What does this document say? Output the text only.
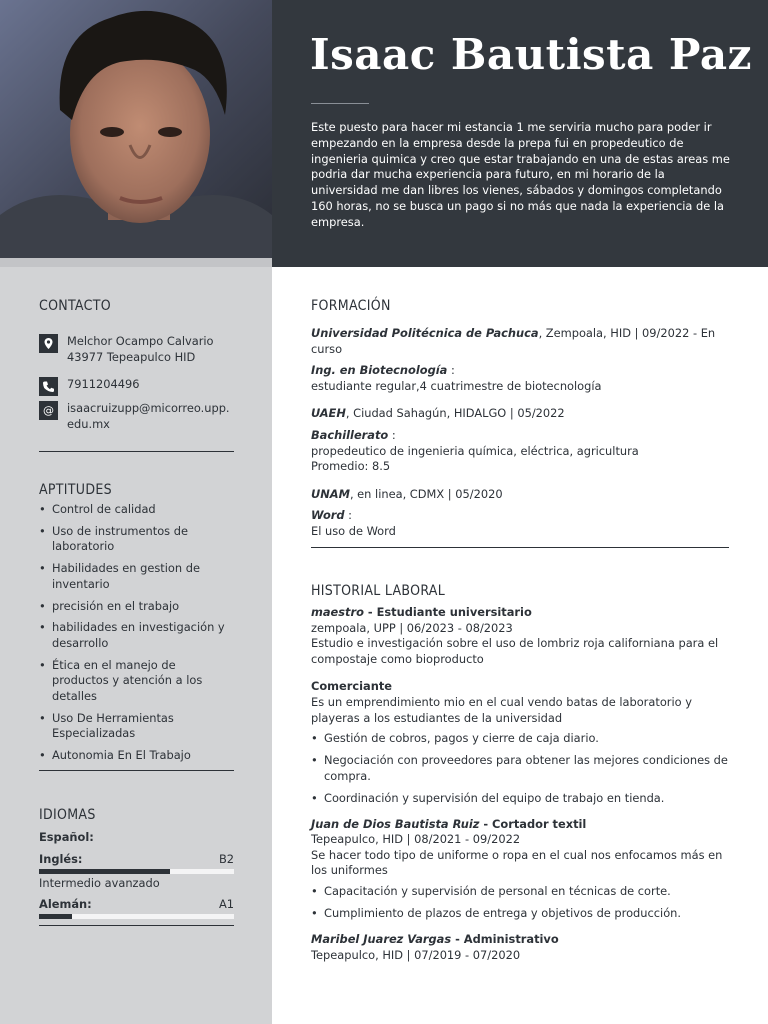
Isaac Bautista Paz
Este puesto para hacer mi estancia 1 me serviria mucho para poder ir empezando en la empresa desde la prepa fui en propedeutico de ingenieria quimica y creo que estar trabajando en una de estas areas me podria dar mucha experiencia para futuro, en mi horario de la universidad me dan libres los vienes, sábados y domingos completando 160 horas, no se busca un pago si no más que nada la experiencia de la empresa.
CONTACTO
Melchor Ocampo Calvario
43977 Tepeapulco HID
7911204496
@	isaacruizupp@micorreo.upp.
edu.mx
APTITUDES
• Control de calidad
• Uso de instrumentos de laboratorio
• Habilidades en gestion de inventario
• precisión en el trabajo
• habilidades en investigación y desarrollo
• Ética en el manejo de productos y atención a los detalles
• Uso De Herramientas Especializadas
• Autonomia En El Trabajo
IDIOMAS
Español:
Inglés:	B2
Intermedio avanzado
Alemán:	A1
FORMACIÓN
Universidad Politécnica de Pachuca, Zempoala, HID | 09/2022 - En curso
Ing. en Biotecnología :
estudiante regular,4 cuatrimestre de biotecnología
UAEH, Ciudad Sahagún, HIDALGO | 05/2022
Bachillerato :
propedeutico de ingenieria química, eléctrica, agricultura
Promedio: 8.5
UNAM, en linea, CDMX | 05/2020
Word :
El uso de Word
HISTORIAL LABORAL
maestro - Estudiante universitario
zempoala, UPP | 06/2023 - 08/2023
Estudio e investigación sobre el uso de lombriz roja californiana para el compostaje como bioproducto
Comerciante
Es un emprendimiento mio en el cual vendo batas de laboratorio y playeras a los estudiantes de la universidad
• Gestión de cobros, pagos y cierre de caja diario.
• Negociación con proveedores para obtener las mejores condiciones de compra.
• Coordinación y supervisión del equipo de trabajo en tienda.
Juan de Dios Bautista Ruiz - Cortador textil
Tepeapulco, HID | 08/2021 - 09/2022
Se hacer todo tipo de uniforme o ropa en el cual nos enfocamos más en los uniformes
• Capacitación y supervisión de personal en técnicas de corte.
• Cumplimiento de plazos de entrega y objetivos de producción.
Maribel Juarez Vargas - Administrativo
Tepeapulco, HID | 07/2019 - 07/2020
